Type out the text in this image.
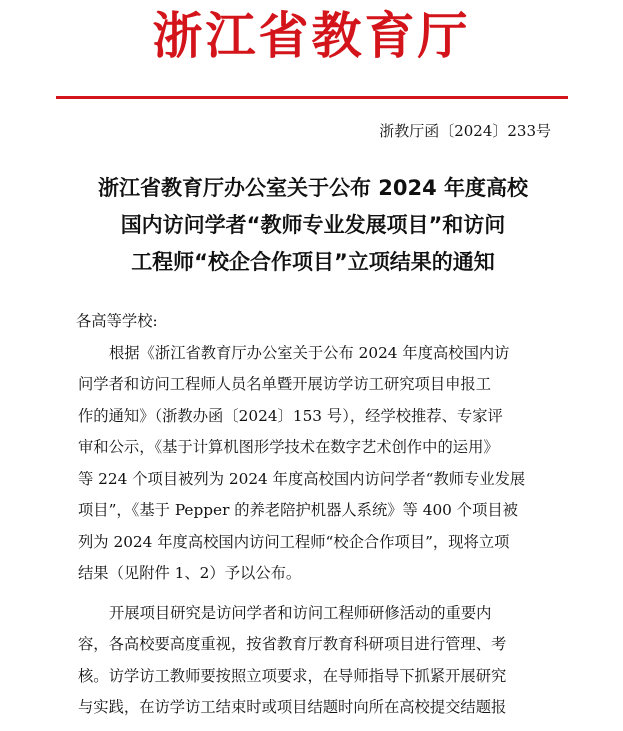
浙江省教育厅
浙教厅函〔2024〕233号
浙江省教育厅办公室关于公布 2024 年度高校
国内访问学者“教师专业发展项目”和访问
工程师“校企合作项目”立项结果的通知
各高等学校:
根据《浙江省教育厅办公室关于公布 2024 年度高校国内访
问学者和访问工程师人员名单暨开展访学访工研究项目申报工
作的通知》（浙教办函〔2024〕153 号），经学校推荐、专家评
审和公示，《基于计算机图形学技术在数字艺术创作中的运用》
等 224 个项目被列为 2024 年度高校国内访问学者“教师专业发展
项目”，《基于 Pepper 的养老陪护机器人系统》等 400 个项目被
列为 2024 年度高校国内访问工程师“校企合作项目”，现将立项
结果（见附件 1、2）予以公布。
开展项目研究是访问学者和访问工程师研修活动的重要内
容，各高校要高度重视，按省教育厅教育科研项目进行管理、考
核。访学访工教师要按照立项要求，在导师指导下抓紧开展研究
与实践，在访学访工结束时或项目结题时向所在高校提交结题报
